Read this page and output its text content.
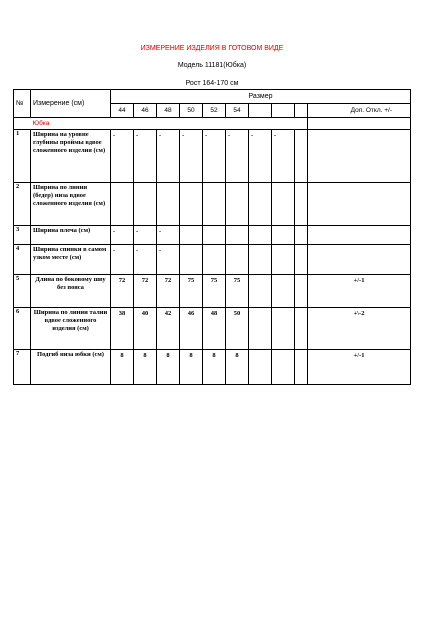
ИЗМЕРЕНИЕ ИЗДЕЛИЯ В ГОТОВОМ ВИДЕ
Модель 11181(Юбка)
Рост 164-170 см
№	Измерение (см)	Размер									
		44	46	48	50	52	54				Доп. Откл. +/-
	Юбка										
1	Ширина на уровне глубины проймы вдвое сложенного изделия (см)	-	-	-	-	-	-	-	-		
2	Ширина по линии (бедер) низа вдвое сложенного изделия (см)										
3	Ширина плеча (см)	-	-	-							
4	Ширина спинки в самом узком месте (см)	-	-	-							
5	Длина по боковому шву без пояса	72	72	72	75	75	75				+/-1
6	Ширина по линии талии вдвое сложенного изделия (см)	38	40	42	46	48	50				+\-2
7	Подгиб низа юбки (см)	8	8	8	8	8	8				+/-1
